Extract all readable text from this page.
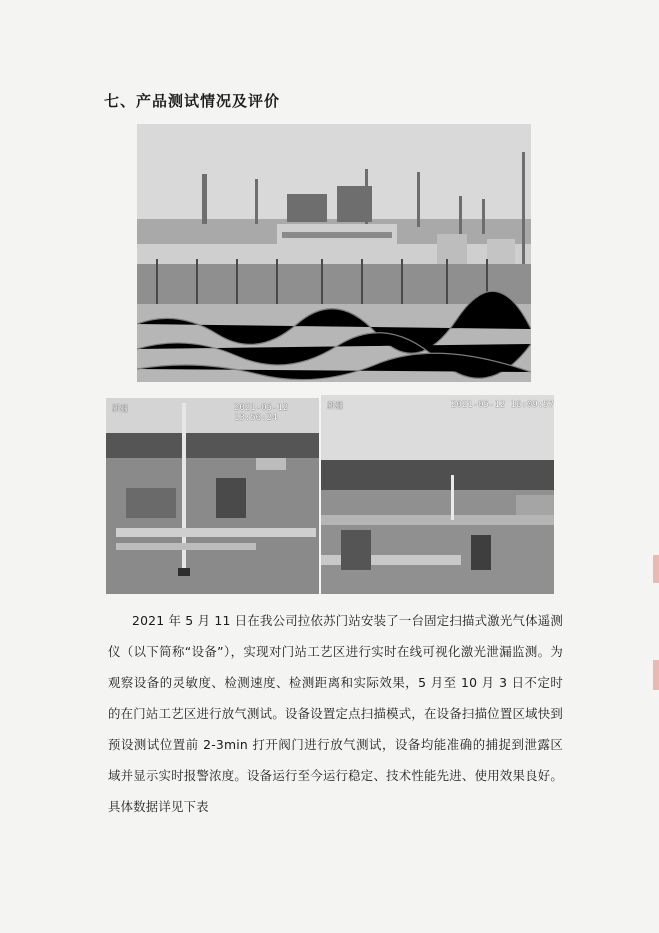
七、产品测试情况及评价
新疆	2021-05-12 13:56:24
新疆	2021-05-12 16:09:57

2021 年 5 月 11 日在我公司拉依苏门站安装了一台固定扫描式激光气体遥测仪（以下简称“设备”），实现对门站工艺区进行实时在线可视化激光泄漏监测。为观察设备的灵敏度、检测速度、检测距离和实际效果，5 月至 10 月 3 日不定时的在门站工艺区进行放气测试。设备设置定点扫描模式，在设备扫描位置区域快到预设测试位置前 2-3min 打开阀门进行放气测试，设备均能准确的捕捉到泄露区域并显示实时报警浓度。设备运行至今运行稳定、技术性能先进、使用效果良好。具体数据详见下表
